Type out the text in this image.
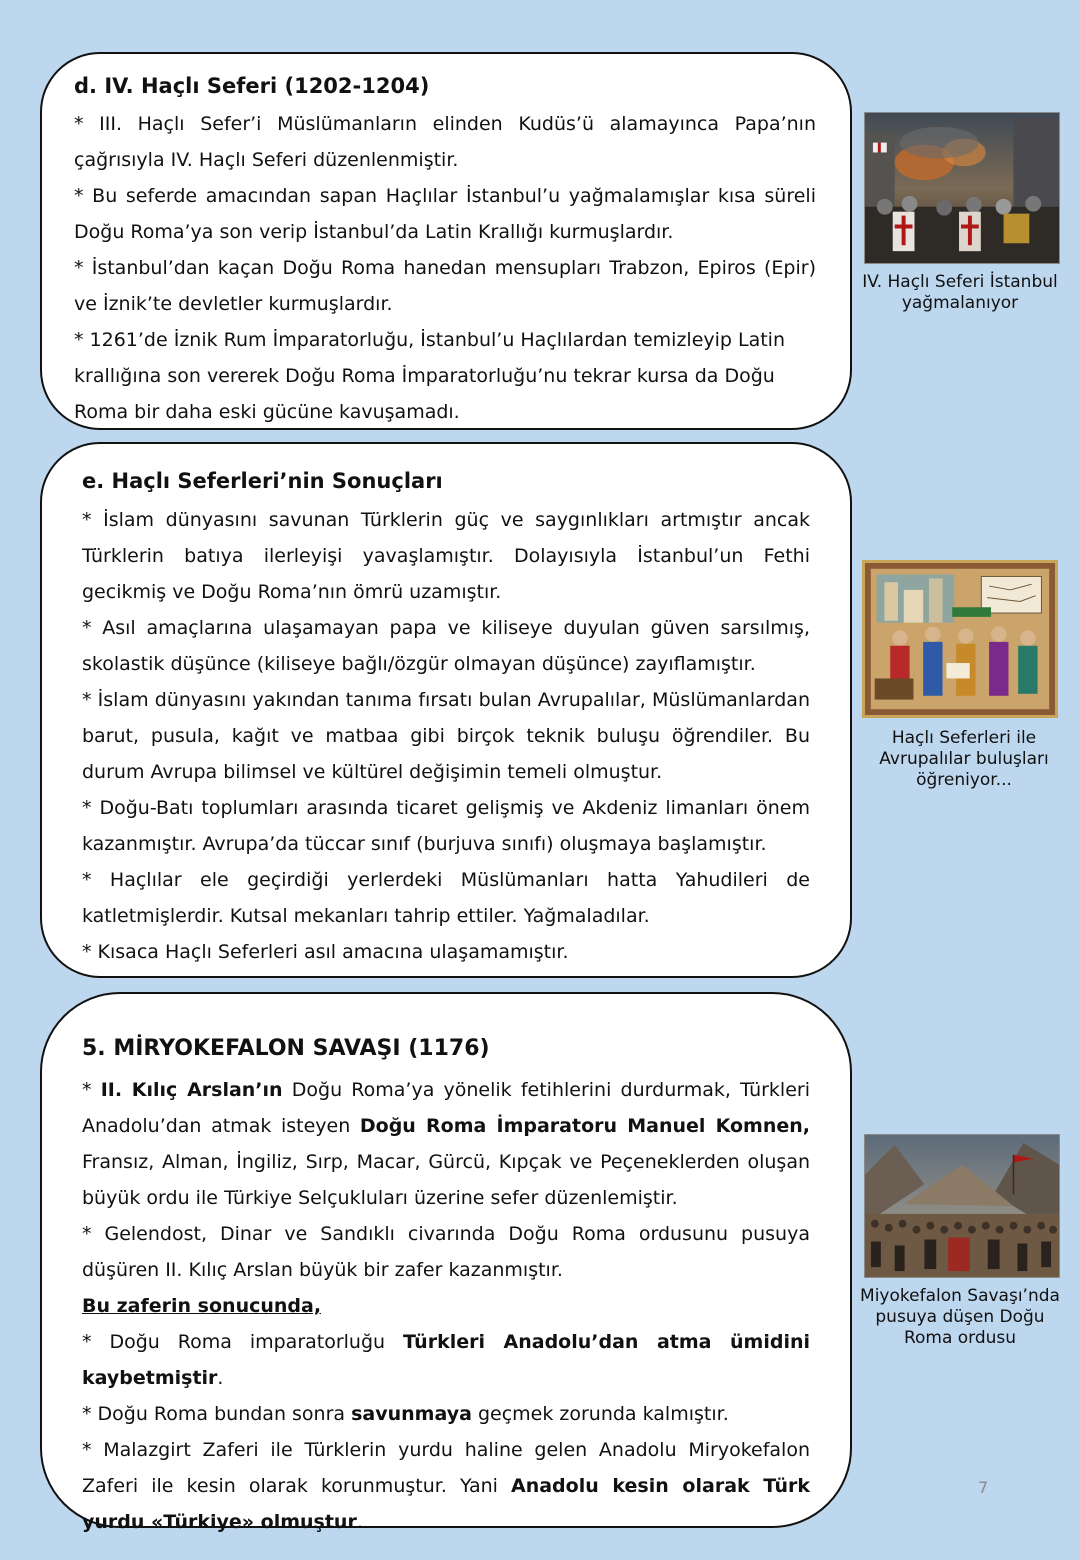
d. IV. Haçlı Seferi (1202-1204)

* III. Haçlı Sefer’i Müslümanların elinden Kudüs’ü alamayınca Papa’nın çağrısıyla IV. Haçlı Seferi düzenlenmiştir.

* Bu seferde amacından sapan Haçlılar İstanbul’u yağmalamışlar kısa süreli Doğu Roma’ya son verip İstanbul’da Latin Krallığı kurmuşlardır.

* İstanbul’dan kaçan Doğu Roma hanedan mensupları Trabzon, Epiros (Epir) ve İznik’te devletler kurmuşlardır.

* 1261’de İznik Rum İmparatorluğu, İstanbul’u Haçlılardan temizleyip Latin krallığına son vererek Doğu Roma İmparatorluğu’nu tekrar kursa da Doğu Roma bir daha eski gücüne kavuşamadı.

IV. Haçlı Seferi İstanbul yağmalanıyor

e. Haçlı Seferleri’nin Sonuçları

* İslam dünyasını savunan Türklerin güç ve saygınlıkları artmıştır ancak Türklerin batıya ilerleyişi yavaşlamıştır. Dolayısıyla İstanbul’un Fethi gecikmiş ve Doğu Roma’nın ömrü uzamıştır.

* Asıl amaçlarına ulaşamayan papa ve kiliseye duyulan güven sarsılmış, skolastik düşünce (kiliseye bağlı/özgür olmayan düşünce) zayıflamıştır.

* İslam dünyasını yakından tanıma fırsatı bulan Avrupalılar, Müslümanlardan barut, pusula, kağıt ve matbaa gibi birçok teknik buluşu öğrendiler. Bu durum Avrupa bilimsel ve kültürel değişimin temeli olmuştur.

* Doğu-Batı toplumları arasında ticaret gelişmiş ve Akdeniz limanları önem kazanmıştır. Avrupa’da tüccar sınıf (burjuva sınıfı) oluşmaya başlamıştır.

* Haçlılar ele geçirdiği yerlerdeki Müslümanları hatta Yahudileri de katletmişlerdir. Kutsal mekanları tahrip ettiler. Yağmaladılar.

* Kısaca Haçlı Seferleri asıl amacına ulaşamamıştır.

Haçlı Seferleri ile Avrupalılar buluşları öğreniyor...

5. MİRYOKEFALON SAVAŞI (1176)

* II. Kılıç Arslan’ın Doğu Roma’ya yönelik fetihlerini durdurmak, Türkleri Anadolu’dan atmak isteyen Doğu Roma İmparatoru Manuel Komnen, Fransız, Alman, İngiliz, Sırp, Macar, Gürcü, Kıpçak ve Peçeneklerden oluşan büyük ordu ile Türkiye Selçukluları üzerine sefer düzenlemiştir.

* Gelendost, Dinar ve Sandıklı civarında Doğu Roma ordusunu pusuya düşüren II. Kılıç Arslan büyük bir zafer kazanmıştır.

Bu zaferin sonucunda,

* Doğu Roma imparatorluğu Türkleri Anadolu’dan atma ümidini kaybetmiştir.

* Doğu Roma bundan sonra savunmaya geçmek zorunda kalmıştır.

* Malazgirt Zaferi ile Türklerin yurdu haline gelen Anadolu Miryokefalon Zaferi ile kesin olarak korunmuştur. Yani Anadolu kesin olarak Türk yurdu «Türkiye» olmuştur.

Miyokefalon Savaşı’nda pusuya düşen Doğu Roma ordusu
7
